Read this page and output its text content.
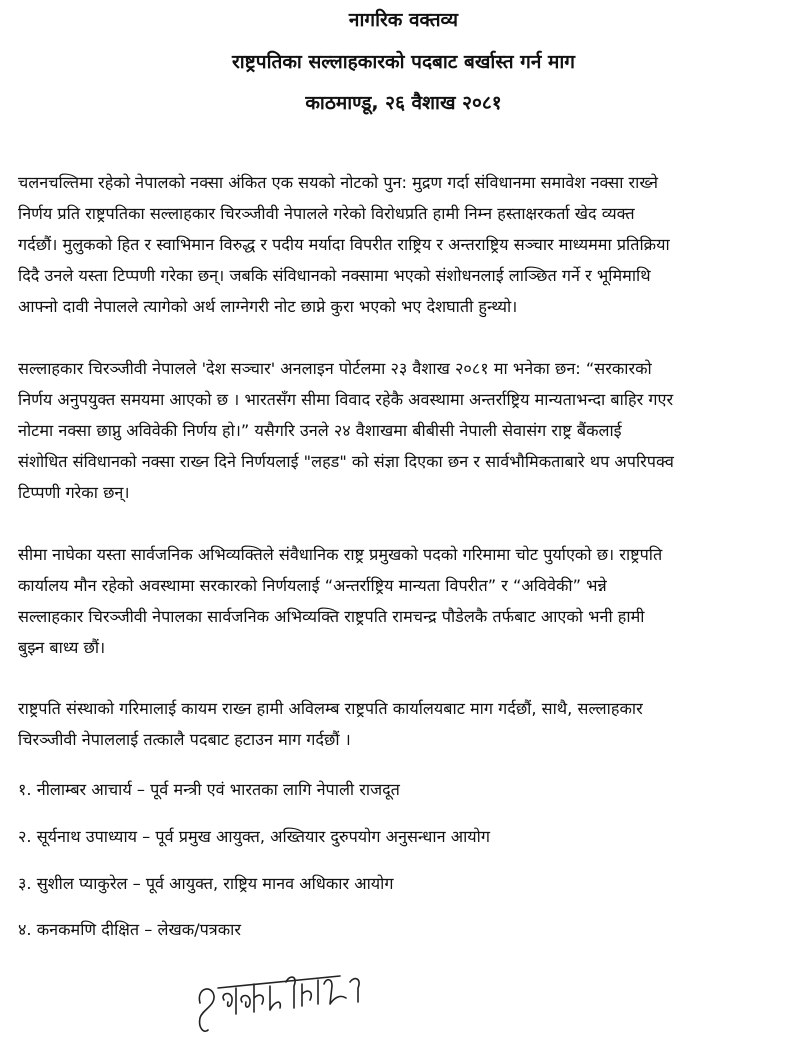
नागरिक वक्तव्य
राष्ट्रपतिका सल्लाहकारको पदबाट बर्खास्त गर्न माग
काठमाण्डू, २६ वैशाख २०८१

चलनचल्तिमा रहेको नेपालको नक्सा अंकित एक सयको नोटको पुन: मुद्रण गर्दा संविधानमा समावेश नक्सा राख्ने
निर्णय प्रति राष्ट्रपतिका सल्लाहकार चिरञ्जीवी नेपालले गरेको विरोधप्रति हामी निम्न हस्ताक्षरकर्ता खेद व्यक्त
गर्दछौं। मुलुकको हित र स्वाभिमान विरुद्ध र पदीय मर्यादा विपरीत राष्ट्रिय र अन्तराष्ट्रिय सञ्चार माध्यममा प्रतिक्रिया
दिदै उनले यस्ता टिप्पणी गरेका छन्। जबकि संविधानको नक्सामा भएको संशोधनलाई लाञ्छित गर्ने र भूमिमाथि
आफ्नो दावी नेपालले त्यागेको अर्थ लाग्नेगरी नोट छाप्ने कुरा भएको भए देशघाती हुन्थ्यो।

सल्लाहकार चिरञ्जीवी नेपालले 'देश सञ्चार' अनलाइन पोर्टलमा २३ वैशाख २०८१ मा भनेका छन: “सरकारको
निर्णय अनुपयुक्त समयमा आएको छ । भारतसँग सीमा विवाद रहेकै अवस्थामा अन्तर्राष्ट्रिय मान्यताभन्दा बाहिर गएर
नोटमा नक्सा छाप्नु अविवेकी निर्णय हो।” यसैगरि उनले २४ वैशाखमा बीबीसी नेपाली सेवासंग राष्ट्र बैंकलाई
संशोधित संविधानको नक्सा राख्न दिने निर्णयलाई "लहड" को संज्ञा दिएका छन र सार्वभौमिकताबारे थप अपरिपक्व
टिप्पणी गरेका छन्।

सीमा नाघेका यस्ता सार्वजनिक अभिव्यक्तिले संवैधानिक राष्ट्र प्रमुखको पदको गरिमामा चोट पुर्याएको छ। राष्ट्रपति
कार्यालय मौन रहेको अवस्थामा सरकारको निर्णयलाई “अन्तर्राष्ट्रिय मान्यता विपरीत” र “अविवेकी” भन्ने
सल्लाहकार चिरञ्जीवी नेपालका सार्वजनिक अभिव्यक्ति राष्ट्रपति रामचन्द्र पौडेलकै तर्फबाट आएको भनी हामी
बुझ्न बाध्य छौं।

राष्ट्रपति संस्थाको गरिमालाई कायम राख्न हामी अविलम्ब राष्ट्रपति कार्यालयबाट माग गर्दछौं, साथै, सल्लाहकार
चिरञ्जीवी नेपाललाई तत्कालै पदबाट हटाउन माग गर्दछौं ।

१. नीलाम्बर आचार्य – पूर्व मन्त्री एवं भारतका लागि नेपाली राजदूत

२. सूर्यनाथ उपाध्याय – पूर्व प्रमुख आयुक्त, अख्तियार दुरुपयोग अनुसन्धान आयोग

३. सुशील प्याकुरेल – पूर्व आयुक्त, राष्ट्रिय मानव अधिकार आयोग

४. कनकमणि दीक्षित – लेखक/पत्रकार
